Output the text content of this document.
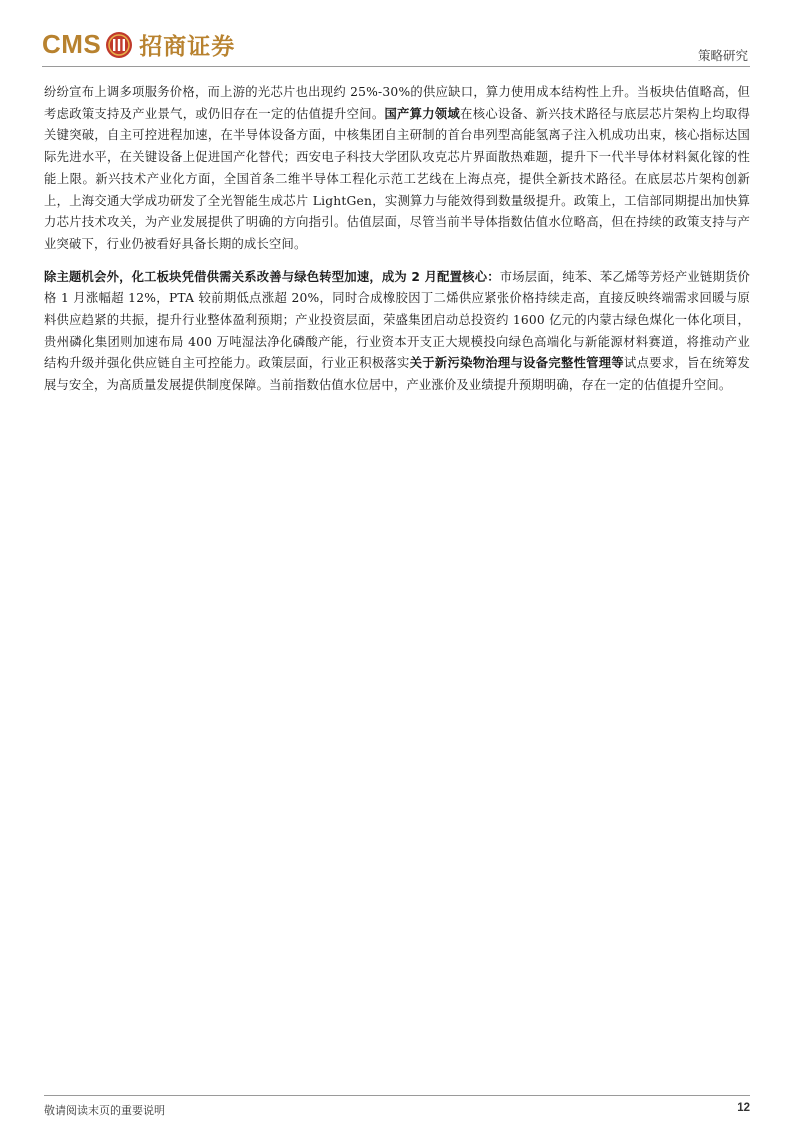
CMS 招商证券	策略研究

纷纷宣布上调多项服务价格，而上游的光芯片也出现约 25%-30%的供应缺口，算力使用成本结构性上升。当板块估值略高，但考虑政策支持及产业景气，或仍旧存在一定的估值提升空间。国产算力领域在核心设备、新兴技术路径与底层芯片架构上均取得关键突破，自主可控进程加速，在半导体设备方面，中核集团自主研制的首台串列型高能氢离子注入机成功出束，核心指标达国际先进水平，在关键设备上促进国产化替代；西安电子科技大学团队攻克芯片界面散热难题，提升下一代半导体材料氮化镓的性能上限。新兴技术产业化方面，全国首条二维半导体工程化示范工艺线在上海点亮，提供全新技术路径。在底层芯片架构创新上，上海交通大学成功研发了全光智能生成芯片 LightGen，实测算力与能效得到数量级提升。政策上，工信部同期提出加快算力芯片技术攻关，为产业发展提供了明确的方向指引。估值层面，尽管当前半导体指数估值水位略高，但在持续的政策支持与产业突破下，行业仍被看好具备长期的成长空间。

除主题机会外，化工板块凭借供需关系改善与绿色转型加速，成为 2 月配置核心：市场层面，纯苯、苯乙烯等芳烃产业链期货价格 1 月涨幅超 12%，PTA 较前期低点涨超 20%，同时合成橡胶因丁二烯供应紧张价格持续走高，直接反映终端需求回暖与原料供应趋紧的共振，提升行业整体盈利预期；产业投资层面，荣盛集团启动总投资约 1600 亿元的内蒙古绿色煤化一体化项目，贵州磷化集团则加速布局 400 万吨湿法净化磷酸产能，行业资本开支正大规模投向绿色高端化与新能源材料赛道，将推动产业结构升级并强化供应链自主可控能力。政策层面，行业正积极落实关于新污染物治理与设备完整性管理等试点要求，旨在统筹发展与安全，为高质量发展提供制度保障。当前指数估值水位居中，产业涨价及业绩提升预期明确，存在一定的估值提升空间。

敬请阅读末页的重要说明	12
